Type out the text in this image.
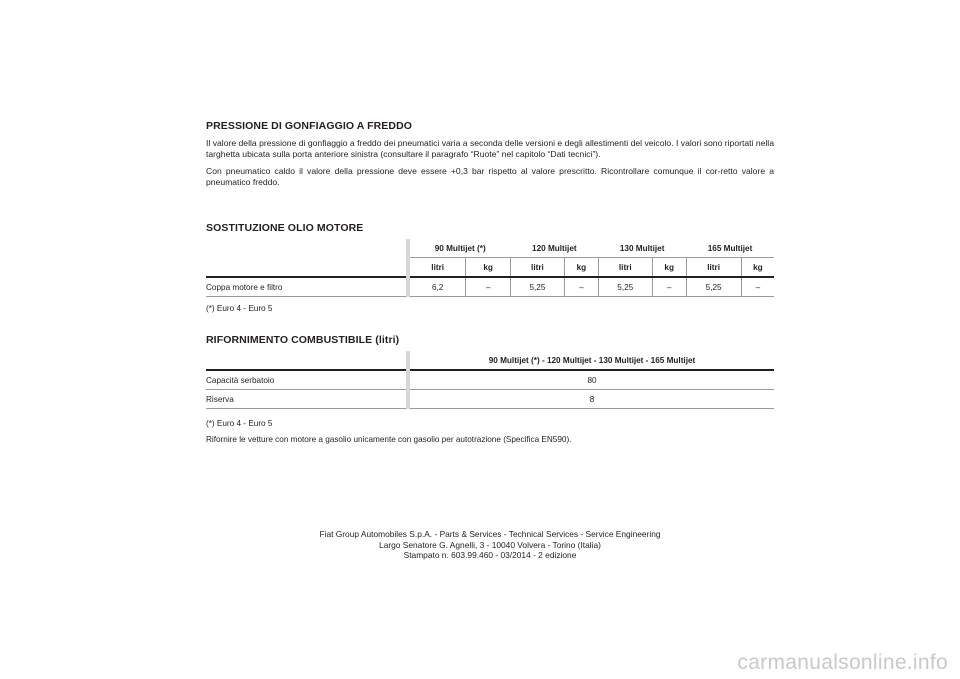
PRESSIONE DI GONFIAGGIO A FREDDO

Il valore della pressione di gonfiaggio a freddo dei pneumatici varia a seconda delle versioni e degli allestimenti del veicolo. I valori sono riportati nella targhetta ubicata sulla porta anteriore sinistra (consultare il paragrafo “Ruote” nel capitolo “Dati tecnici”).

Con pneumatico caldo il valore della pressione deve essere +0,3 bar rispetto al valore prescritto. Ricontrollare comunque il cor-retto valore a pneumatico freddo.

SOSTITUZIONE OLIO MOTORE
		90 Multijet (*)		120 Multijet		130 Multijet		165 Multijet	
		litri	kg	litri	kg	litri	kg	litri	kg
Coppa motore e filtro		6,2	–	5,25	–	5,25	–	5,25	–

(*) Euro 4 - Euro 5

RIFORNIMENTO COMBUSTIBILE (litri)
		90 Multijet (*) - 120 Multijet - 130 Multijet - 165 Multijet
Capacità serbatoio		80
Riserva		8

(*) Euro 4 - Euro 5

Rifornire le vetture con motore a gasolio unicamente con gasolio per autotrazione (Specifica EN590).

Fiat Group Automobiles S.p.A. - Parts & Services - Technical Services - Service Engineering
Largo Senatore G. Agnelli, 3 - 10040 Volvera - Torino (Italia)
Stampato n. 603.99.460 - 03/2014 - 2 edizione
carmanualsonline.info
